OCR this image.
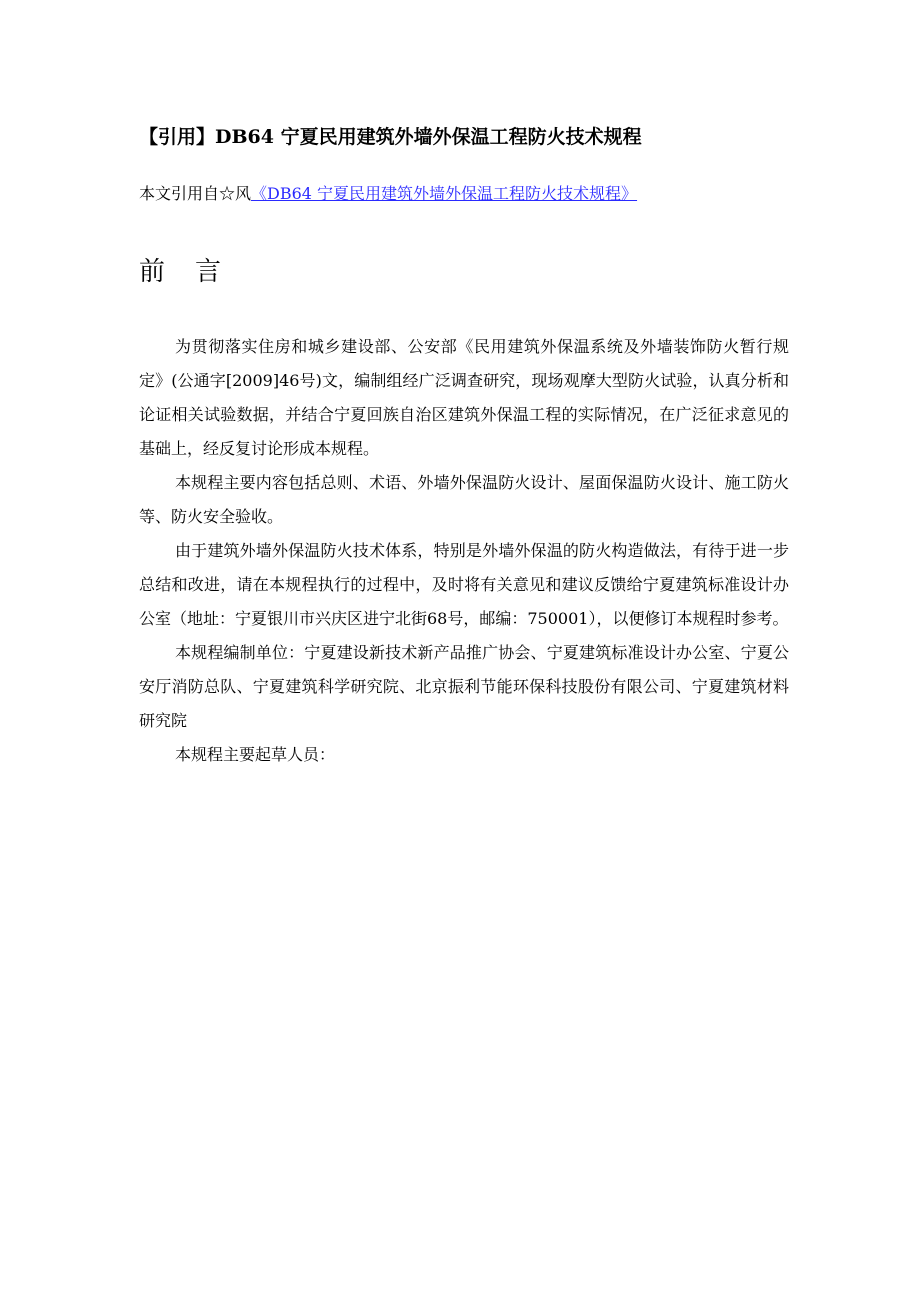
【引用】DB64 宁夏民用建筑外墙外保温工程防火技术规程
本文引用自☆风《DB64 宁夏民用建筑外墙外保温工程防火技术规程》
前言

为贯彻落实住房和城乡建设部、公安部《民用建筑外保温系统及外墙装饰防火暂行规定》(公通字[2009]46号)文，编制组经广泛调查研究，现场观摩大型防火试验，认真分析和论证相关试验数据，并结合宁夏回族自治区建筑外保温工程的实际情况，在广泛征求意见的基础上，经反复讨论形成本规程。

本规程主要内容包括总则、术语、外墙外保温防火设计、屋面保温防火设计、施工防火等、防火安全验收。

由于建筑外墙外保温防火技术体系，特别是外墙外保温的防火构造做法，有待于进一步总结和改进，请在本规程执行的过程中，及时将有关意见和建议反馈给宁夏建筑标准设计办公室（地址：宁夏银川市兴庆区进宁北街68号，邮编：750001），以便修订本规程时参考。

本规程编制单位：宁夏建设新技术新产品推广协会、宁夏建筑标准设计办公室、宁夏公安厅消防总队、宁夏建筑科学研究院、北京振利节能环保科技股份有限公司、宁夏建筑材料研究院

本规程主要起草人员：
